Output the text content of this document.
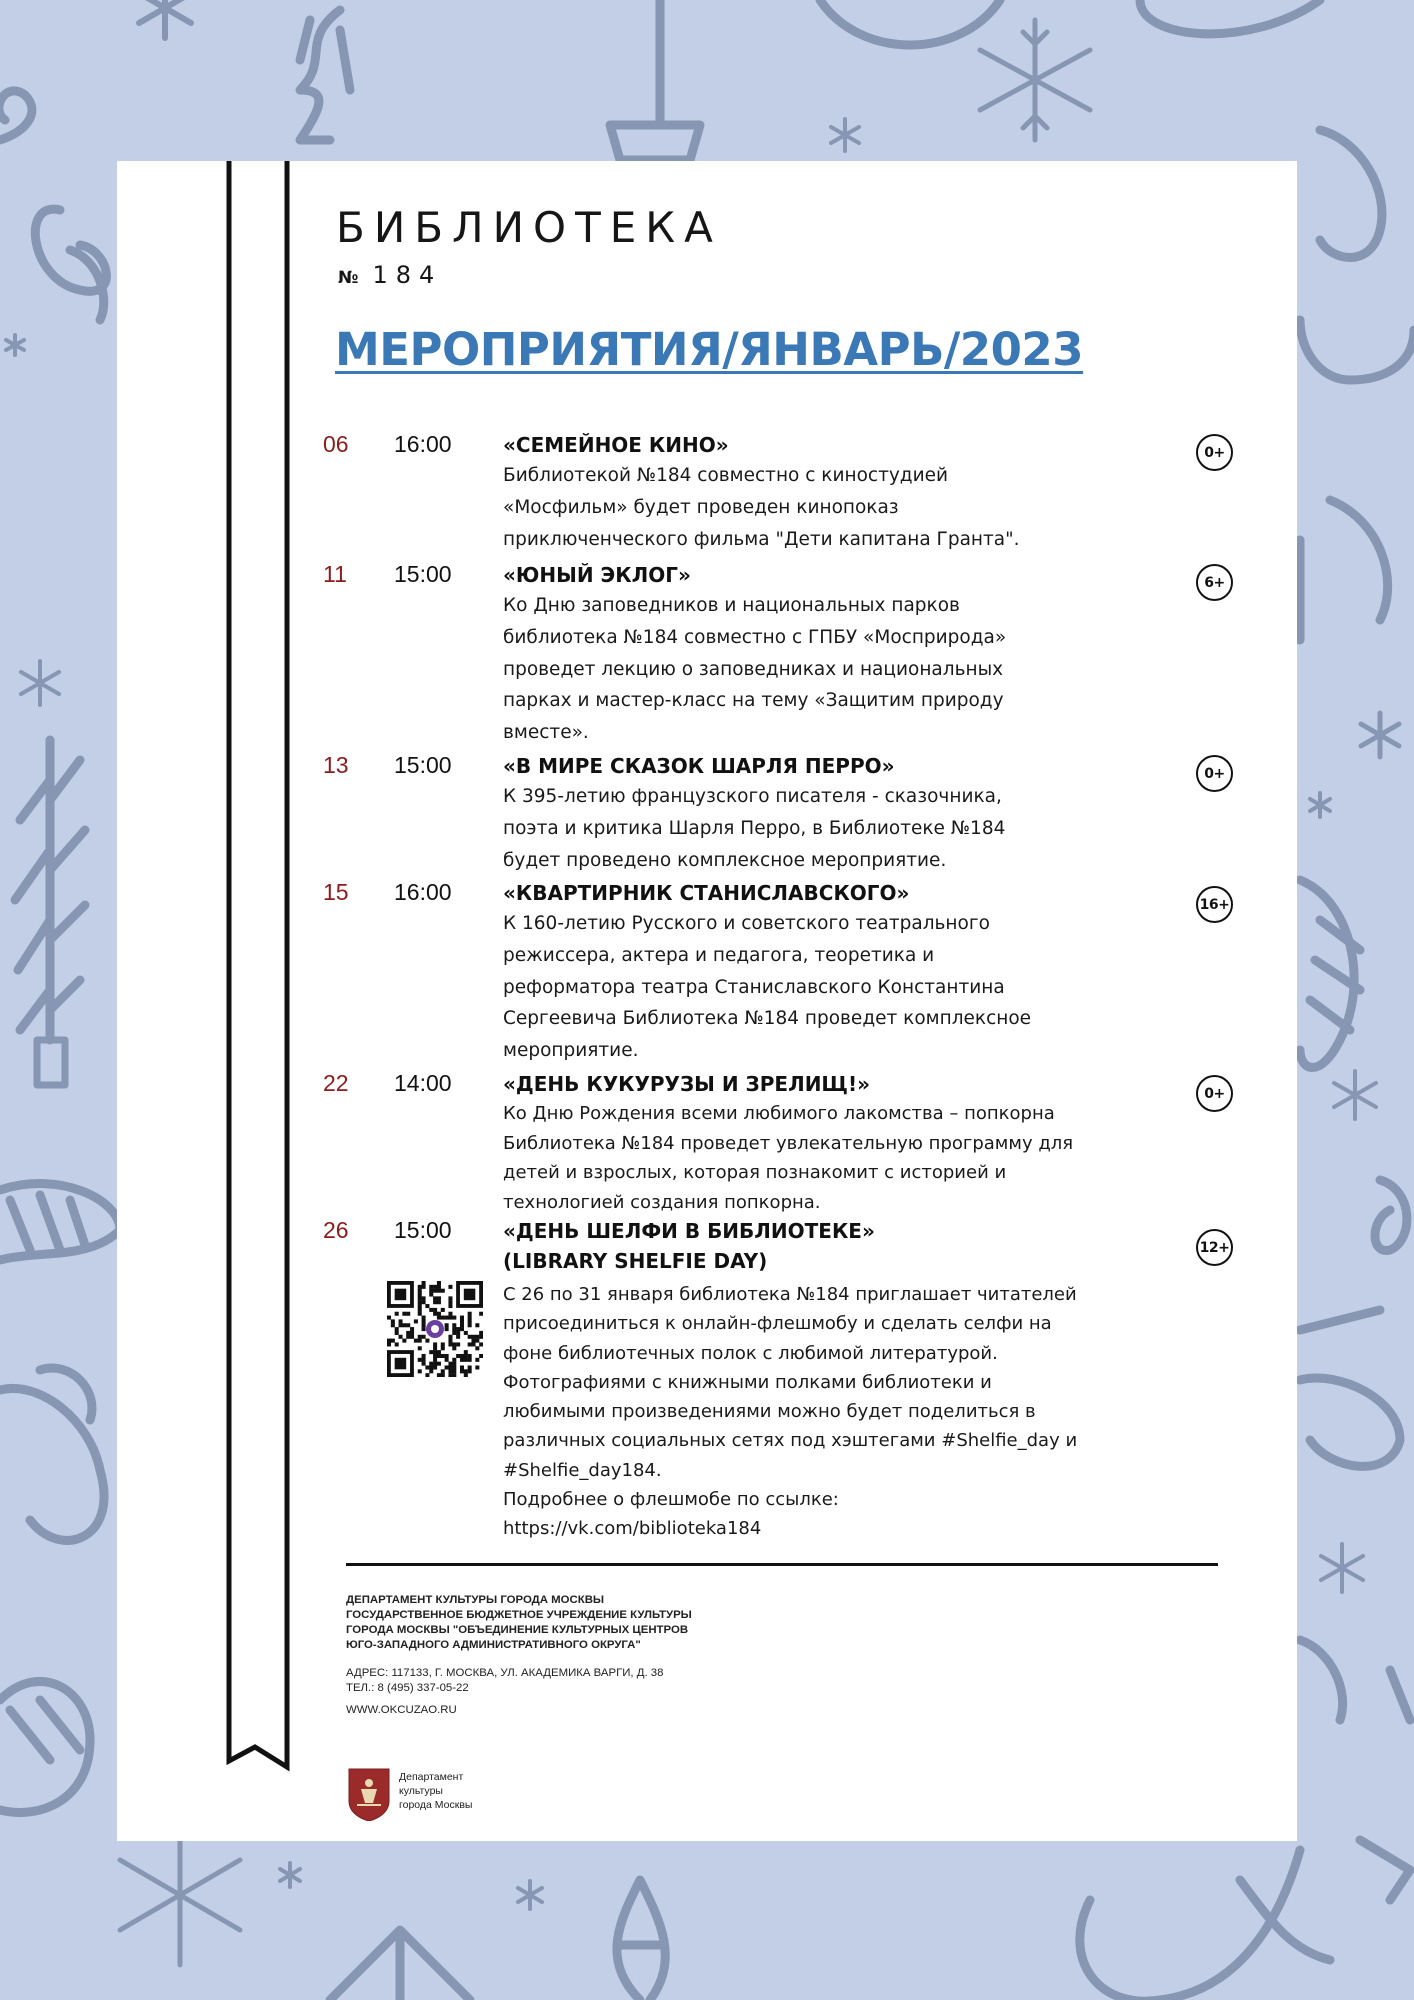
БИБЛИОТЕКА
№ 184
МЕРОПРИЯТИЯ/ЯНВАРЬ/2023
06 16:00	«СЕМЕЙНОЕ КИНО»
Библиотекой №184 совместно с киностудией
«Мосфильм» будет проведен кинопоказ
приключенческого фильма "Дети капитана Гранта".
0+
11 15:00	«ЮНЫЙ ЭКЛОГ»
Ко Дню заповедников и национальных парков
библиотека №184 совместно с ГПБУ «Мосприрода»
проведет лекцию о заповедниках и национальных
парках и мастер-класс на тему «Защитим природу
вместе».
6+
13 15:00	«В МИРЕ СКАЗОК ШАРЛЯ ПЕРРО»
К 395-летию французского писателя - сказочника,
поэта и критика Шарля Перро, в Библиотеке №184
будет проведено комплексное мероприятие.
0+
15 16:00	«КВАРТИРНИК СТАНИСЛАВСКОГО»
К 160-летию Русского и советского театрального
режиссера, актера и педагога, теоретика и
реформатора театра Станиславского Константина
Сергеевича Библиотека №184 проведет комплексное
мероприятие.
16+
22 14:00	«ДЕНЬ КУКУРУЗЫ И ЗРЕЛИЩ!»
Ко Дню Рождения всеми любимого лакомства – попкорна
Библиотека №184 проведет увлекательную программу для
детей и взрослых, которая познакомит с историей и
технологией создания попкорна.
0+
26 15:00	«ДЕНЬ ШЕЛФИ В БИБЛИОТЕКЕ»
(LIBRARY SHELFIE DAY)
С 26 по 31 января библиотека №184 приглашает читателей
присоединиться к онлайн-флешмобу и сделать селфи на
фоне библиотечных полок с любимой литературой.
Фотографиями с книжными полками библиотеки и
любимыми произведениями можно будет поделиться в
различных социальных сетях под хэштегами #Shelfie_day и
#Shelfie_day184.
Подробнее о флешмобе по ссылке:
https://vk.com/biblioteka184
12+
ДЕПАРТАМЕНТ КУЛЬТУРЫ ГОРОДА МОСКВЫ
ГОСУДАРСТВЕННОЕ БЮДЖЕТНОЕ УЧРЕЖДЕНИЕ КУЛЬТУРЫ
ГОРОДА МОСКВЫ "ОБЪЕДИНЕНИЕ КУЛЬТУРНЫХ ЦЕНТРОВ
ЮГО-ЗАПАДНОГО АДМИНИСТРАТИВНОГО ОКРУГА"
АДРЕС: 117133, Г. МОСКВА, УЛ. АКАДЕМИКА ВАРГИ, Д. 38
ТЕЛ.: 8 (495) 337-05-22
WWW.OKCUZAO.RU
Департамент
культуры
города Москвы
